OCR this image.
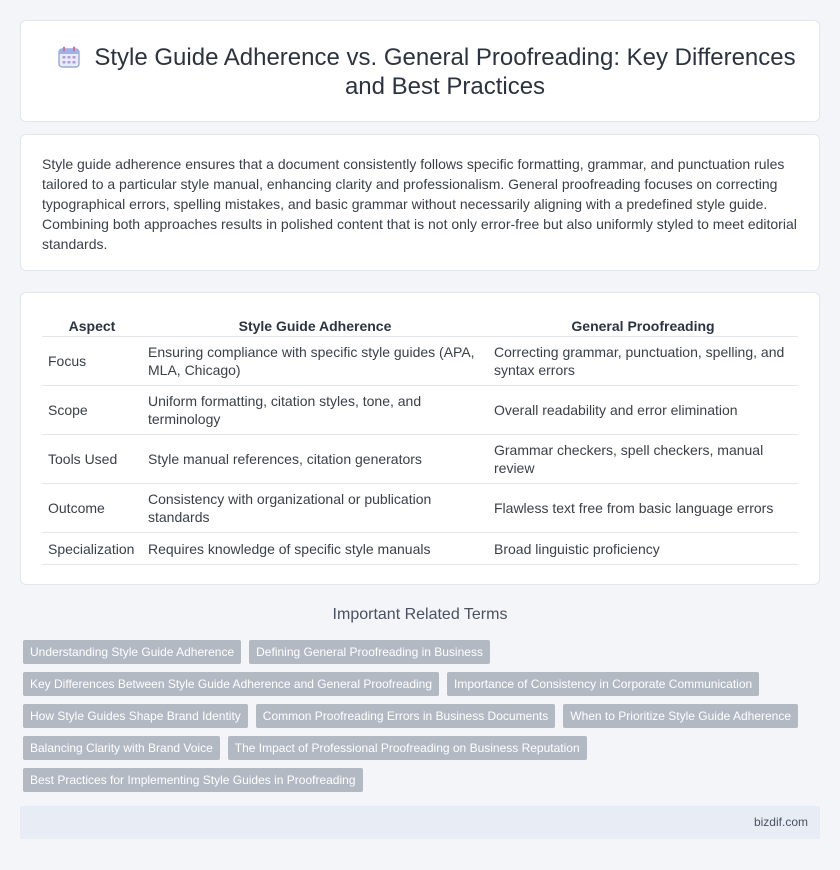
Style Guide Adherence vs. General Proofreading: Key Differences and Best Practices

Style guide adherence ensures that a document consistently follows specific formatting, grammar, and punctuation rules tailored to a particular style manual, enhancing clarity and professionalism. General proofreading focuses on correcting typographical errors, spelling mistakes, and basic grammar without necessarily aligning with a predefined style guide. Combining both approaches results in polished content that is not only error-free but also uniformly styled to meet editorial standards.

Aspect	Style Guide Adherence	General Proofreading
Focus	Ensuring compliance with specific style guides (APA, MLA, Chicago)	Correcting grammar, punctuation, spelling, and syntax errors
Scope	Uniform formatting, citation styles, tone, and terminology	Overall readability and error elimination
Tools Used	Style manual references, citation generators	Grammar checkers, spell checkers, manual review
Outcome	Consistency with organizational or publication standards	Flawless text free from basic language errors
Specialization	Requires knowledge of specific style manuals	Broad linguistic proficiency
Important Related Terms
Understanding Style Guide Adherence	Defining General Proofreading in Business
Key Differences Between Style Guide Adherence and General Proofreading	Importance of Consistency in Corporate Communication
How Style Guides Shape Brand Identity	Common Proofreading Errors in Business Documents	When to Prioritize Style Guide Adherence
Balancing Clarity with Brand Voice	The Impact of Professional Proofreading on Business Reputation
Best Practices for Implementing Style Guides in Proofreading
bizdif.com
